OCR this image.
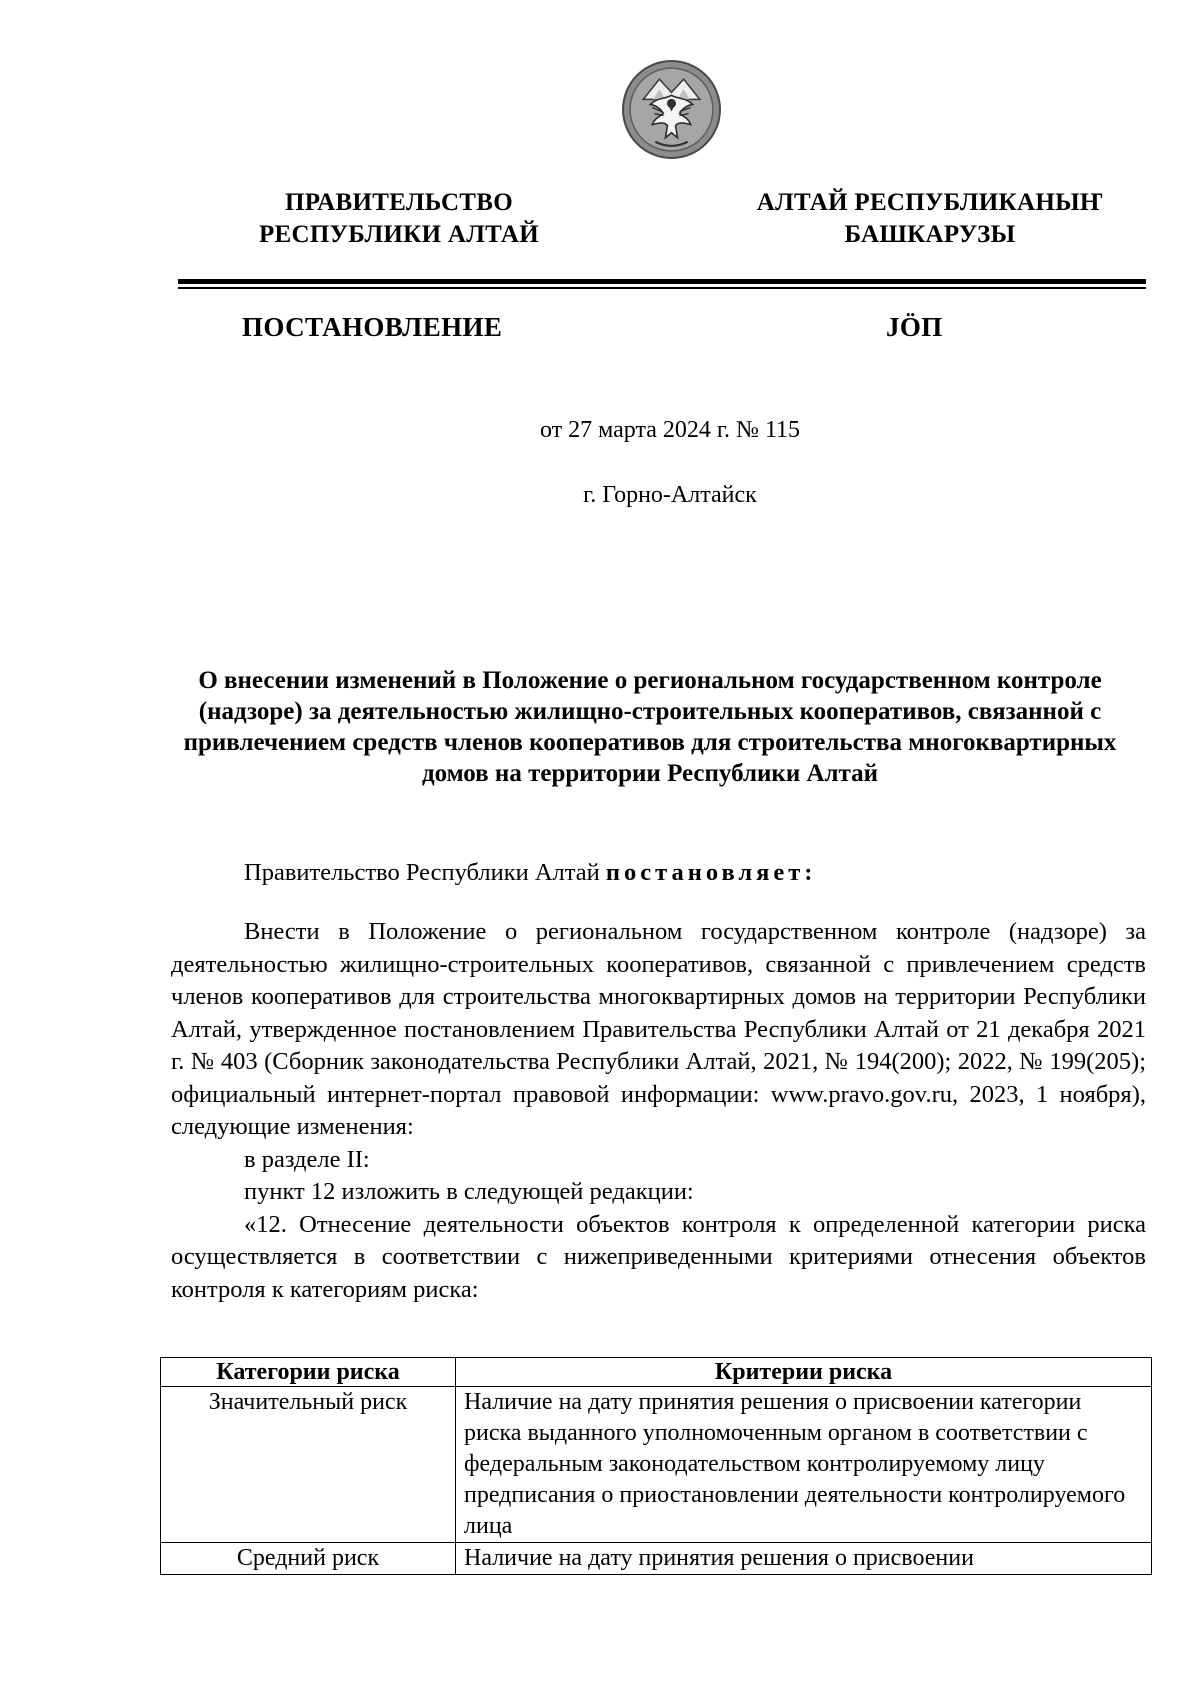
ПРАВИТЕЛЬСТВО
РЕСПУБЛИКИ АЛТАЙ
АЛТАЙ РЕСПУБЛИКАНЫҤ
БАШКАРУЗЫ
ПОСТАНОВЛЕНИЕ	JÖП
от 27 марта 2024 г. № 115
г. Горно-Алтайск
О внесении изменений в Положение о региональном государственном контроле (надзоре) за деятельностью жилищно-строительных кооперативов, связанной с привлечением средств членов кооперативов для строительства многоквартирных домов на территории Республики Алтай
Правительство Республики Алтай постановляет:
Внести в Положение о региональном государственном контроле (надзоре) за деятельностью жилищно-строительных кооперативов, связанной с привлечением средств членов кооперативов для строительства многоквартирных домов на территории Республики Алтай, утвержденное постановлением Правительства Республики Алтай от 21 декабря 2021 г. № 403 (Сборник законодательства Республики Алтай, 2021, № 194(200); 2022, № 199(205); официальный интернет-портал правовой информации: www.pravo.gov.ru, 2023, 1 ноября), следующие изменения:
в разделе II:
пункт 12 изложить в следующей редакции:
«12. Отнесение деятельности объектов контроля к определенной категории риска осуществляется в соответствии с нижеприведенными критериями отнесения объектов контроля к категориям риска:
Категории риска	Критерии риска
Значительный риск	Наличие на дату принятия решения о присвоении категории риска выданного уполномоченным органом в соответствии с федеральным законодательством контролируемому лицу предписания о приостановлении деятельности контролируемого лица
Средний риск	Наличие на дату принятия решения о присвоении
